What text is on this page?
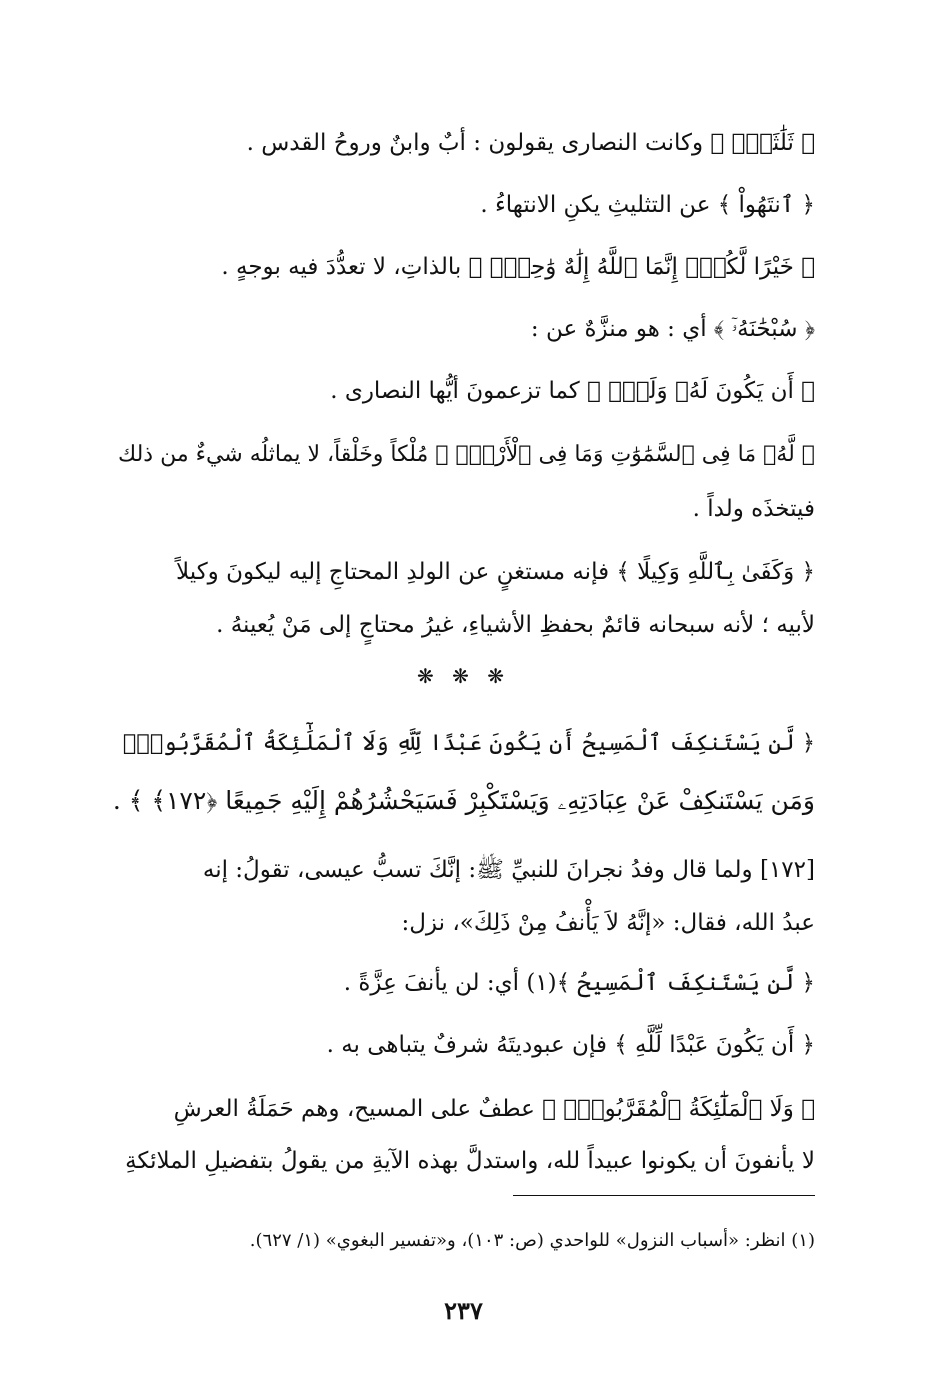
﴿ ثَلَٰثَةٌۚ ﴾ وكانت النصارى يقولون : أبٌ وابنٌ وروحُ القدس .
﴿ ٱنتَهُواْ ﴾ عن التثليثِ يكنِ الانتهاءُ .
﴿ خَيْرًا لَّكُمْۚ إِنَّمَا ٱللَّهُ إِلَٰهٌ وَٰحِدٌۖ ﴾ بالذاتِ، لا تعدُّدَ فيه بوجهٍ .
﴿ سُبْحَٰنَهُۥٓ ﴾ أي : هو منزَّهٌ عن :
﴿ أَن يَكُونَ لَهُۥ وَلَدٌۘ ﴾ كما تزعمونَ أيُّها النصارى .
﴿ لَّهُۥ مَا فِى ٱلسَّمَٰوَٰتِ وَمَا فِى ٱلْأَرْضِۗ ﴾ مُلْكاً وخَلْقاً، لا يماثلُه شيءٌ من ذلك
فيتخذَه ولداً .
﴿ وَكَفَىٰ بِٱللَّهِ وَكِيلًا ﴾ فإنه مستغنٍ عن الولدِ المحتاجِ إليه ليكونَ وكيلاً
لأبيه ؛ لأنه سبحانه قائمٌ بحفظِ الأشياءِ، غيرُ محتاجٍ إلى مَنْ يُعينهُ .
❋ ❋ ❋
﴿ لَّن يَسْتَنكِفَ ٱلْمَسِيحُ أَن يَكُونَ عَبْدًا لِّلَّهِ وَلَا ٱلْمَلَٰٓئِكَةُ ٱلْمُقَرَّبُونَۚ
وَمَن يَسْتَنكِفْ عَنْ عِبَادَتِهِۦ وَيَسْتَكْبِرْ فَسَيَحْشُرُهُمْ إِلَيْهِ جَمِيعًا ﴿١٧٢﴾ ﴾ .
[١٧٢] ولما قال وفدُ نجرانَ للنبيِّ ﷺ: إنَّكَ تسبُّ عيسى، تقولُ: إنه
عبدُ الله، فقال: «إنَّهُ لاَ يَأْنفُ مِنْ ذَلِكَ»، نزل:
﴿ لَّن يَسْتَنكِفَ ٱلْمَسِيحُ ﴾(١) أي: لن يأنفَ عِزَّةً .
﴿ أَن يَكُونَ عَبْدًا لِّلَّهِ ﴾ فإن عبوديتَهُ شرفٌ يتباهى به .
﴿ وَلَا ٱلْمَلَٰٓئِكَةُ ٱلْمُقَرَّبُونَۚ ﴾ عطفٌ على المسيح، وهم حَمَلَةُ العرشِ
لا يأنفونَ أن يكونوا عبيداً لله، واستدلَّ بهذه الآيةِ من يقولُ بتفضيلِ الملائكةِ
(١) انظر: «أسباب النزول» للواحدي (ص: ١٠٣)، و«تفسير البغوي» (١/ ٦٢٧).
٢٣٧
